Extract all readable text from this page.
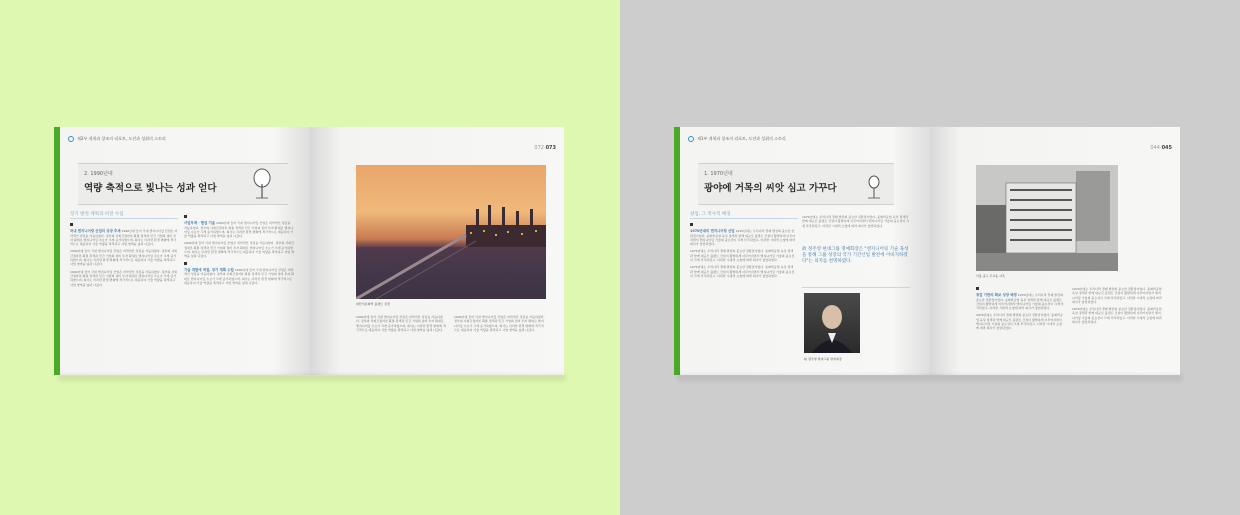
제2부 개척과 창조의 리포트, 도전과 성취의 스토리
2. 1990년대
역량 축적으로 빛나는 성과 얻다
장기 발전 계획과 비전 수립

국내 엔지니어링 산업의 성장 추세 1990년대 들어 국내 엔지니어링 산업은 비약적인 성장을 거듭하였다. 정부의 사회간접자본 확충 정책과 민간 기업의 설비 투자 확대로 엔지니어링 수요가 크게 증가하였으며, 회사는 이러한 환경 변화에 적극적으로 대응하여 기술 역량을 축적하고 사업 영역을 넓혀 나갔다.

1990년대 들어 국내 엔지니어링 산업은 비약적인 성장을 거듭하였다. 정부의 사회간접자본 확충 정책과 민간 기업의 설비 투자 확대로 엔지니어링 수요가 크게 증가하였으며, 회사는 이러한 환경 변화에 적극적으로 대응하여 기술 역량을 축적하고 사업 영역을 넓혀 나갔다.

1990년대 들어 국내 엔지니어링 산업은 비약적인 성장을 거듭하였다. 정부의 사회간접자본 확충 정책과 민간 기업의 설비 투자 확대로 엔지니어링 수요가 크게 증가하였으며, 회사는 이러한 환경 변화에 적극적으로 대응하여 기술 역량을 축적하고 사업 영역을 넓혀 나갔다.

사업부제 · 협업 기술 1990년대 들어 국내 엔지니어링 산업은 비약적인 성장을 거듭하였다. 정부의 사회간접자본 확충 정책과 민간 기업의 설비 투자 확대로 엔지니어링 수요가 크게 증가하였으며, 회사는 이러한 환경 변화에 적극적으로 대응하여 기술 역량을 축적하고 사업 영역을 넓혀 나갔다.

1990년대 들어 국내 엔지니어링 산업은 비약적인 성장을 거듭하였다. 정부의 사회간접자본 확충 정책과 민간 기업의 설비 투자 확대로 엔지니어링 수요가 크게 증가하였으며, 회사는 이러한 환경 변화에 적극적으로 대응하여 기술 역량을 축적하고 사업 영역을 넓혀 나갔다.

기술 개발에 역점, 장기 계획 수립 1990년대 들어 국내 엔지니어링 산업은 비약적인 성장을 거듭하였다. 정부의 사회간접자본 확충 정책과 민간 기업의 설비 투자 확대로 엔지니어링 수요가 크게 증가하였으며, 회사는 이러한 환경 변화에 적극적으로 대응하여 기술 역량을 축적하고 사업 영역을 넓혀 나갔다.

072·073
대산석유화학 플랜트 전경

1990년대 들어 국내 엔지니어링 산업은 비약적인 성장을 거듭하였다. 정부의 사회간접자본 확충 정책과 민간 기업의 설비 투자 확대로 엔지니어링 수요가 크게 증가하였으며, 회사는 이러한 환경 변화에 적극적으로 대응하여 기술 역량을 축적하고 사업 영역을 넓혀 나갔다.

1990년대 들어 국내 엔지니어링 산업은 비약적인 성장을 거듭하였다. 정부의 사회간접자본 확충 정책과 민간 기업의 설비 투자 확대로 엔지니어링 수요가 크게 증가하였으며, 회사는 이러한 환경 변화에 적극적으로 대응하여 기술 역량을 축적하고 사업 영역을 넓혀 나갔다.

제1부 개척과 창조의 리포트, 도전과 성취의 스토리
1. 1970년대
광야에 거목의 씨앗 심고 가꾸다
창업, 그 역사적 배경

1970년대의 엔지니어링 산업 1970년대는 우리나라 경제 발전의 중요한 전환점이었다. 중화학공업 육성 정책과 함께 대규모 플랜트 건설이 활발하게 이루어지면서 엔지니어링 기술의 중요성이 크게 부각되었고, 이러한 시대적 요청에 따라 회사가 창립되었다.

1970년대는 우리나라 경제 발전의 중요한 전환점이었다. 중화학공업 육성 정책과 함께 대규모 플랜트 건설이 활발하게 이루어지면서 엔지니어링 기술의 중요성이 크게 부각되었고, 이러한 시대적 요청에 따라 회사가 창립되었다.

1970년대는 우리나라 경제 발전의 중요한 전환점이었다. 중화학공업 육성 정책과 함께 대규모 플랜트 건설이 활발하게 이루어지면서 엔지니어링 기술의 중요성이 크게 부각되었고, 이러한 시대적 요청에 따라 회사가 창립되었다.

1970년대는 우리나라 경제 발전의 중요한 전환점이었다. 중화학공업 육성 정책과 함께 대규모 플랜트 건설이 활발하게 이루어지면서 엔지니어링 기술의 중요성이 크게 부각되었고, 이러한 시대적 요청에 따라 회사가 창립되었다.

故 정주영 현대그룹 명예회장은 "엔지니어링 기술 육성을 통해 그룹 성장의 국가 기간산업 발전에 이바지하겠다"는 의지를 천명하였다.
故 정주영 현대그룹 명예회장
044·045
서울 중구 무교동 사옥

창업 기반의 확보 성장 배경 1970년대는 우리나라 경제 발전의 중요한 전환점이었다. 중화학공업 육성 정책과 함께 대규모 플랜트 건설이 활발하게 이루어지면서 엔지니어링 기술의 중요성이 크게 부각되었고, 이러한 시대적 요청에 따라 회사가 창립되었다.

1970년대는 우리나라 경제 발전의 중요한 전환점이었다. 중화학공업 육성 정책과 함께 대규모 플랜트 건설이 활발하게 이루어지면서 엔지니어링 기술의 중요성이 크게 부각되었고, 이러한 시대적 요청에 따라 회사가 창립되었다.

1970년대는 우리나라 경제 발전의 중요한 전환점이었다. 중화학공업 육성 정책과 함께 대규모 플랜트 건설이 활발하게 이루어지면서 엔지니어링 기술의 중요성이 크게 부각되었고, 이러한 시대적 요청에 따라 회사가 창립되었다.

1970년대는 우리나라 경제 발전의 중요한 전환점이었다. 중화학공업 육성 정책과 함께 대규모 플랜트 건설이 활발하게 이루어지면서 엔지니어링 기술의 중요성이 크게 부각되었고, 이러한 시대적 요청에 따라 회사가 창립되었다.
